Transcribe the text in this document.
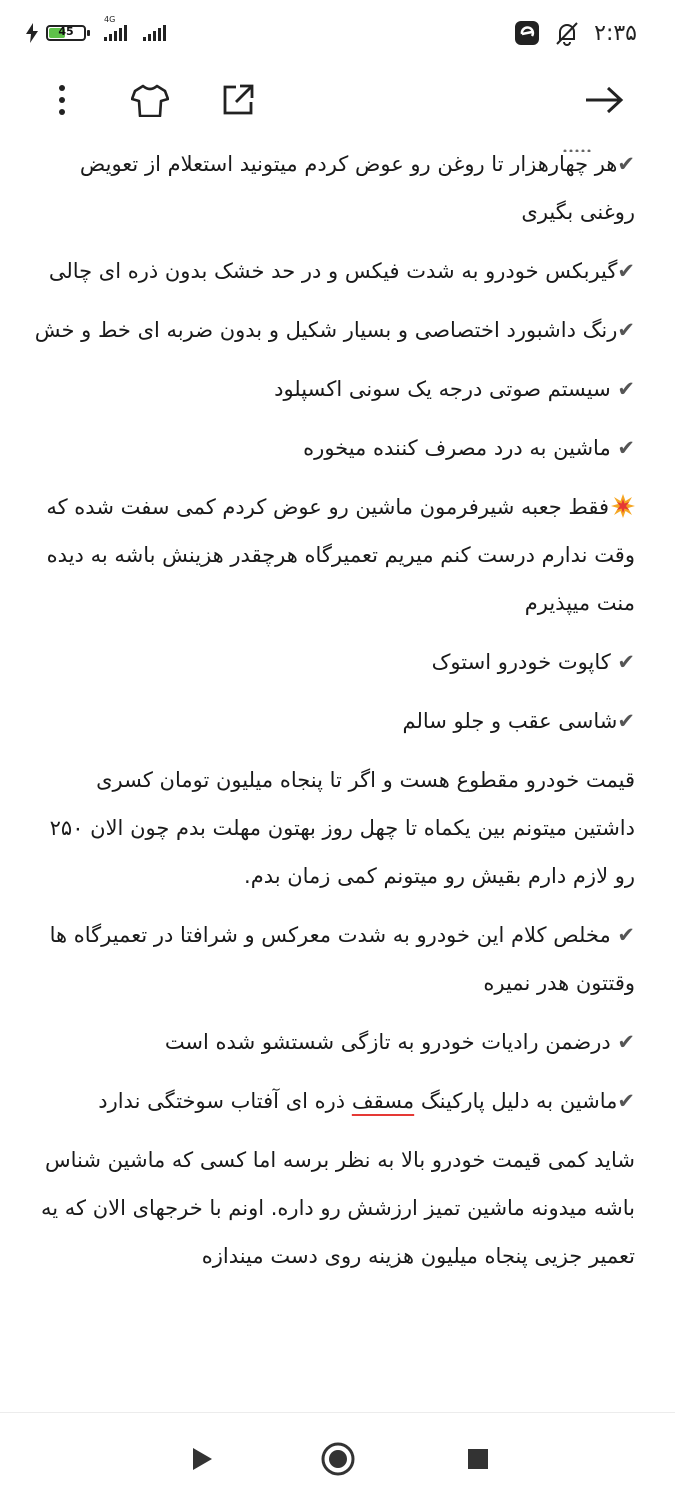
45
4G
۲:۳۵

✔هر چهارهزار تا روغن رو عوض کردم میتونید استعلام از تعویض روغنی بگیری

✔گیربکس خودرو به شدت فیکس و در حد خشک بدون ذره ای چالی

✔رنگ داشبورد اختصاصی و بسیار شکیل و بدون ضربه ای خط و خش

✔ سیستم صوتی درجه یک سونی اکسپلود

✔ ماشین به درد مصرف کننده میخوره

فقط جعبه شیرفرمون ماشین رو عوض کردم کمی سفت شده که وقت ندارم درست کنم میریم تعمیرگاه هرچقدر هزینش باشه به دیده منت میپذیرم

✔ کاپوت خودرو استوک

✔شاسی عقب و جلو سالم

قیمت خودرو مقطوع هست و اگر تا پنجاه میلیون تومان کسری داشتین میتونم بین یکماه تا چهل روز بهتون مهلت بدم چون الان ۲۵۰ رو لازم دارم بقیش رو میتونم کمی زمان بدم.

✔ مخلص کلام این خودرو به شدت معرکس و شرافتا در تعمیرگاه ها وقتتون هدر نمیره

✔ درضمن رادیات خودرو به تازگی شستشو شده است

✔ماشین به دلیل پارکینگ مسقف ذره ای آفتاب سوختگی ندارد

شاید کمی قیمت خودرو بالا به نظر برسه اما کسی که ماشین شناس باشه میدونه ماشین تمیز ارزشش رو داره. اونم با خرجهای الان که یه تعمیر جزیی پنجاه میلیون هزینه روی دست میندازه
